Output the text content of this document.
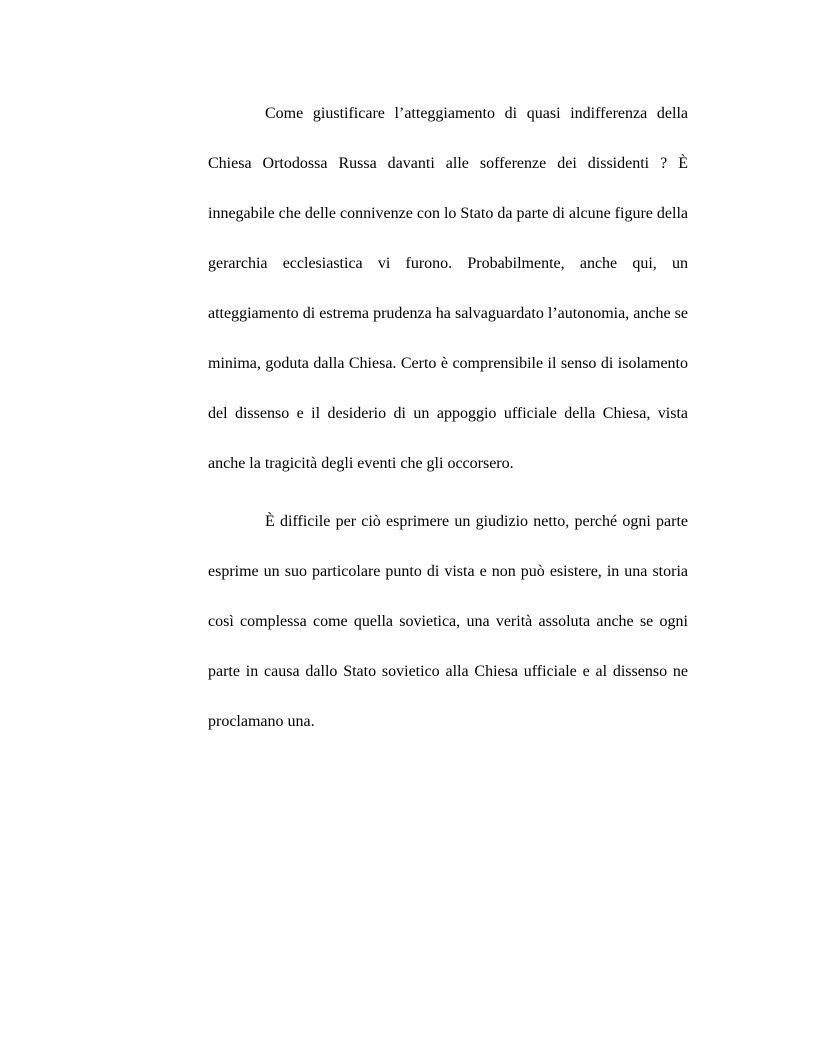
Come giustificare l’atteggiamento di quasi indifferenza della Chiesa Ortodossa Russa davanti alle sofferenze dei dissidenti ? È innegabile che delle connivenze con lo Stato da parte di alcune figure della gerarchia ecclesiastica vi furono. Probabilmente, anche qui, un atteggiamento di estrema prudenza ha salvaguardato l’autonomia, anche se minima, goduta dalla Chiesa. Certo è comprensibile il senso di isolamento del dissenso e il desiderio di un appoggio ufficiale della Chiesa, vista anche la tragicità degli eventi che gli occorsero.

È difficile per ciò esprimere un giudizio netto, perché ogni parte esprime un suo particolare punto di vista e non può esistere, in una storia così complessa come quella sovietica, una verità assoluta anche se ogni parte in causa dallo Stato sovietico alla Chiesa ufficiale e al dissenso ne proclamano una.
